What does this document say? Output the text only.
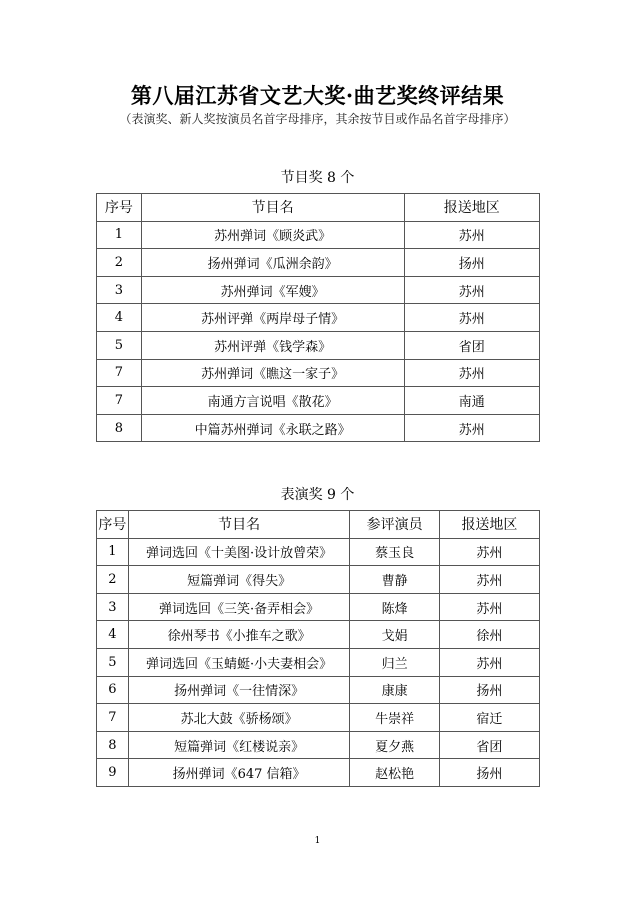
第八届江苏省文艺大奖·曲艺奖终评结果
（表演奖、新人奖按演员名首字母排序，其余按节目或作品名首字母排序）
节目奖 8 个
序号	节目名	报送地区
1	苏州弹词《顾炎武》	苏州
2	扬州弹词《瓜洲余韵》	扬州
3	苏州弹词《军嫂》	苏州
4	苏州评弹《两岸母子情》	苏州
5	苏州评弹《钱学森》	省团
7	苏州弹词《瞧这一家子》	苏州
7	南通方言说唱《散花》	南通
8	中篇苏州弹词《永联之路》	苏州
表演奖 9 个
序号	节目名	参评演员	报送地区
1	弹词选回《十美图·设计放曾荣》	蔡玉良	苏州
2	短篇弹词《得失》	曹静	苏州
3	弹词选回《三笑·备弄相会》	陈烽	苏州
4	徐州琴书《小推车之歌》	戈娟	徐州
5	弹词选回《玉蜻蜓·小夫妻相会》	归兰	苏州
6	扬州弹词《一往情深》	康康	扬州
7	苏北大鼓《骄杨颂》	牛崇祥	宿迁
8	短篇弹词《红楼说亲》	夏夕燕	省团
9	扬州弹词《647 信箱》	赵松艳	扬州
1
